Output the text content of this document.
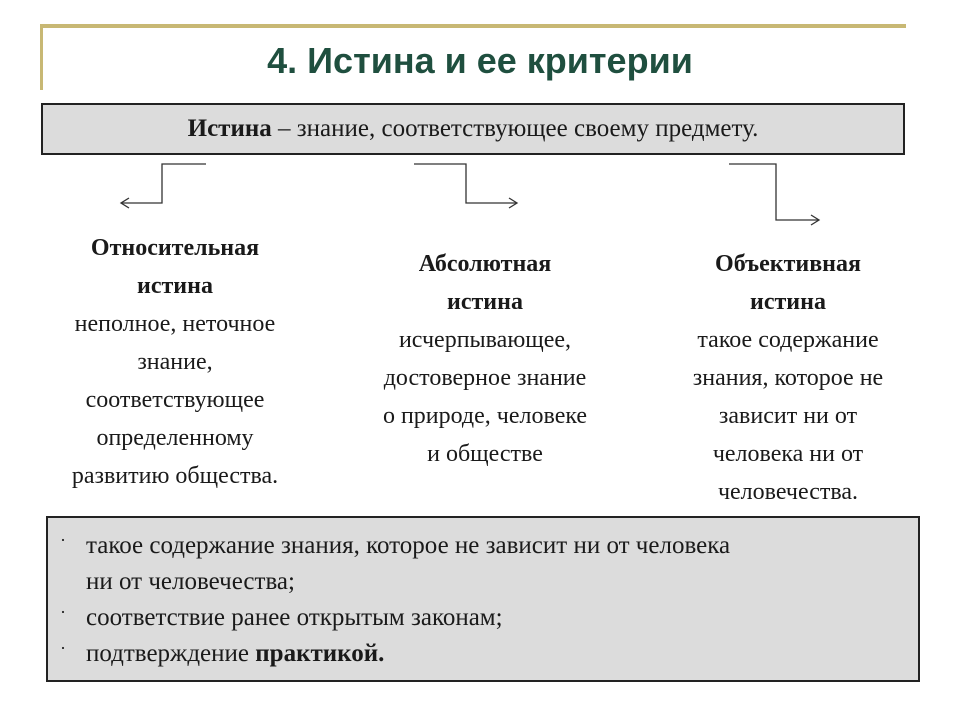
4. Истина и ее критерии
Истина – знание, соответствующее своему предмету.
Относительная
истина
неполное, неточное
знание,
соответствующее
определенному
развитию общества.
Абсолютная
истина
исчерпывающее,
достоверное знание
о природе, человеке
и обществе
Объективная
истина
такое содержание
знания, которое не
зависит ни от
человека ни от
человечества.
· такое содержание знания, которое не зависит ни от человека
ни от человечества;
· соответствие ранее открытым законам;
· подтверждение практикой.
